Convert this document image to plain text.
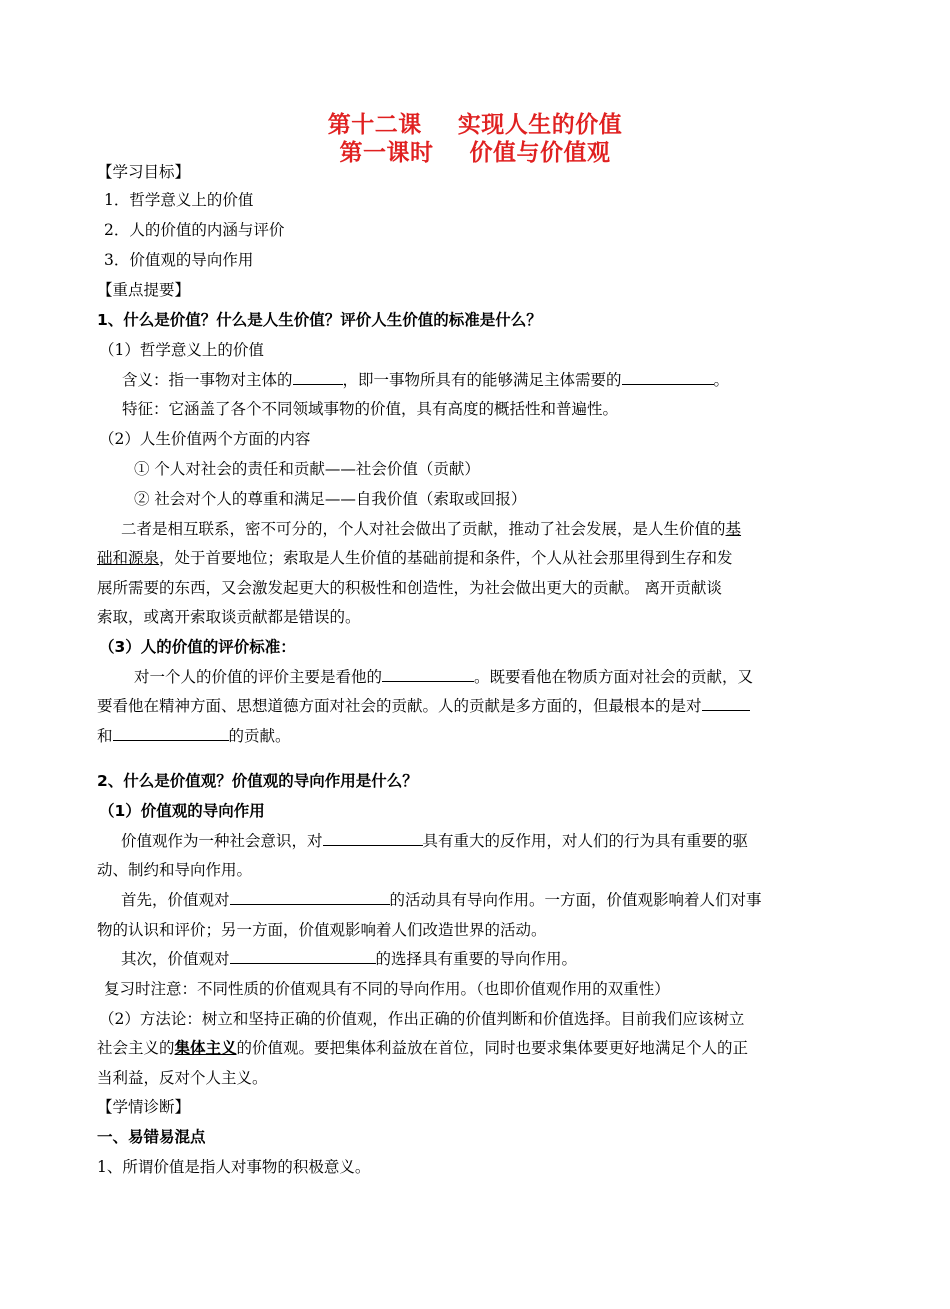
第十二课 实现人生的价值
第一课时 价值与价值观
【学习目标】
1．哲学意义上的价值
2．人的价值的内涵与评价
3．价值观的导向作用
【重点提要】
1、什么是价值？什么是人生价值？评价人生价值的标准是什么？
（1）哲学意义上的价值
含义：指一事物对主体的	，即一事物所具有的能够满足主体需要的	。
特征：它涵盖了各个不同领域事物的价值，具有高度的概括性和普遍性。
（2）人生价值两个方面的内容
① 个人对社会的责任和贡献——社会价值（贡献）
② 社会对个人的尊重和满足——自我价值（索取或回报）
二者是相互联系，密不可分的，个人对社会做出了贡献，推动了社会发展，是人生价值的基
础和源泉，处于首要地位；索取是人生价值的基础前提和条件，个人从社会那里得到生存和发
展所需要的东西，又会激发起更大的积极性和创造性，为社会做出更大的贡献。 离开贡献谈
索取，或离开索取谈贡献都是错误的。
（3）人的价值的评价标准：
对一个人的价值的评价主要是看他的	。既要看他在物质方面对社会的贡献，又
要看他在精神方面、思想道德方面对社会的贡献。人的贡献是多方面的，但最根本的是对
和	的贡献。
2、什么是价值观？价值观的导向作用是什么？
（1）价值观的导向作用
价值观作为一种社会意识，对	具有重大的反作用，对人们的行为具有重要的驱
动、制约和导向作用。
首先，价值观对	的活动具有导向作用。一方面，价值观影响着人们对事
物的认识和评价；另一方面，价值观影响着人们改造世界的活动。
其次，价值观对	的选择具有重要的导向作用。
复习时注意：不同性质的价值观具有不同的导向作用。（也即价值观作用的双重性）
（2）方法论：树立和坚持正确的价值观，作出正确的价值判断和价值选择。目前我们应该树立
社会主义的集体主义的价值观。要把集体利益放在首位，同时也要求集体要更好地满足个人的正
当利益，反对个人主义。
【学情诊断】
一、易错易混点
1、所谓价值是指人对事物的积极意义。
